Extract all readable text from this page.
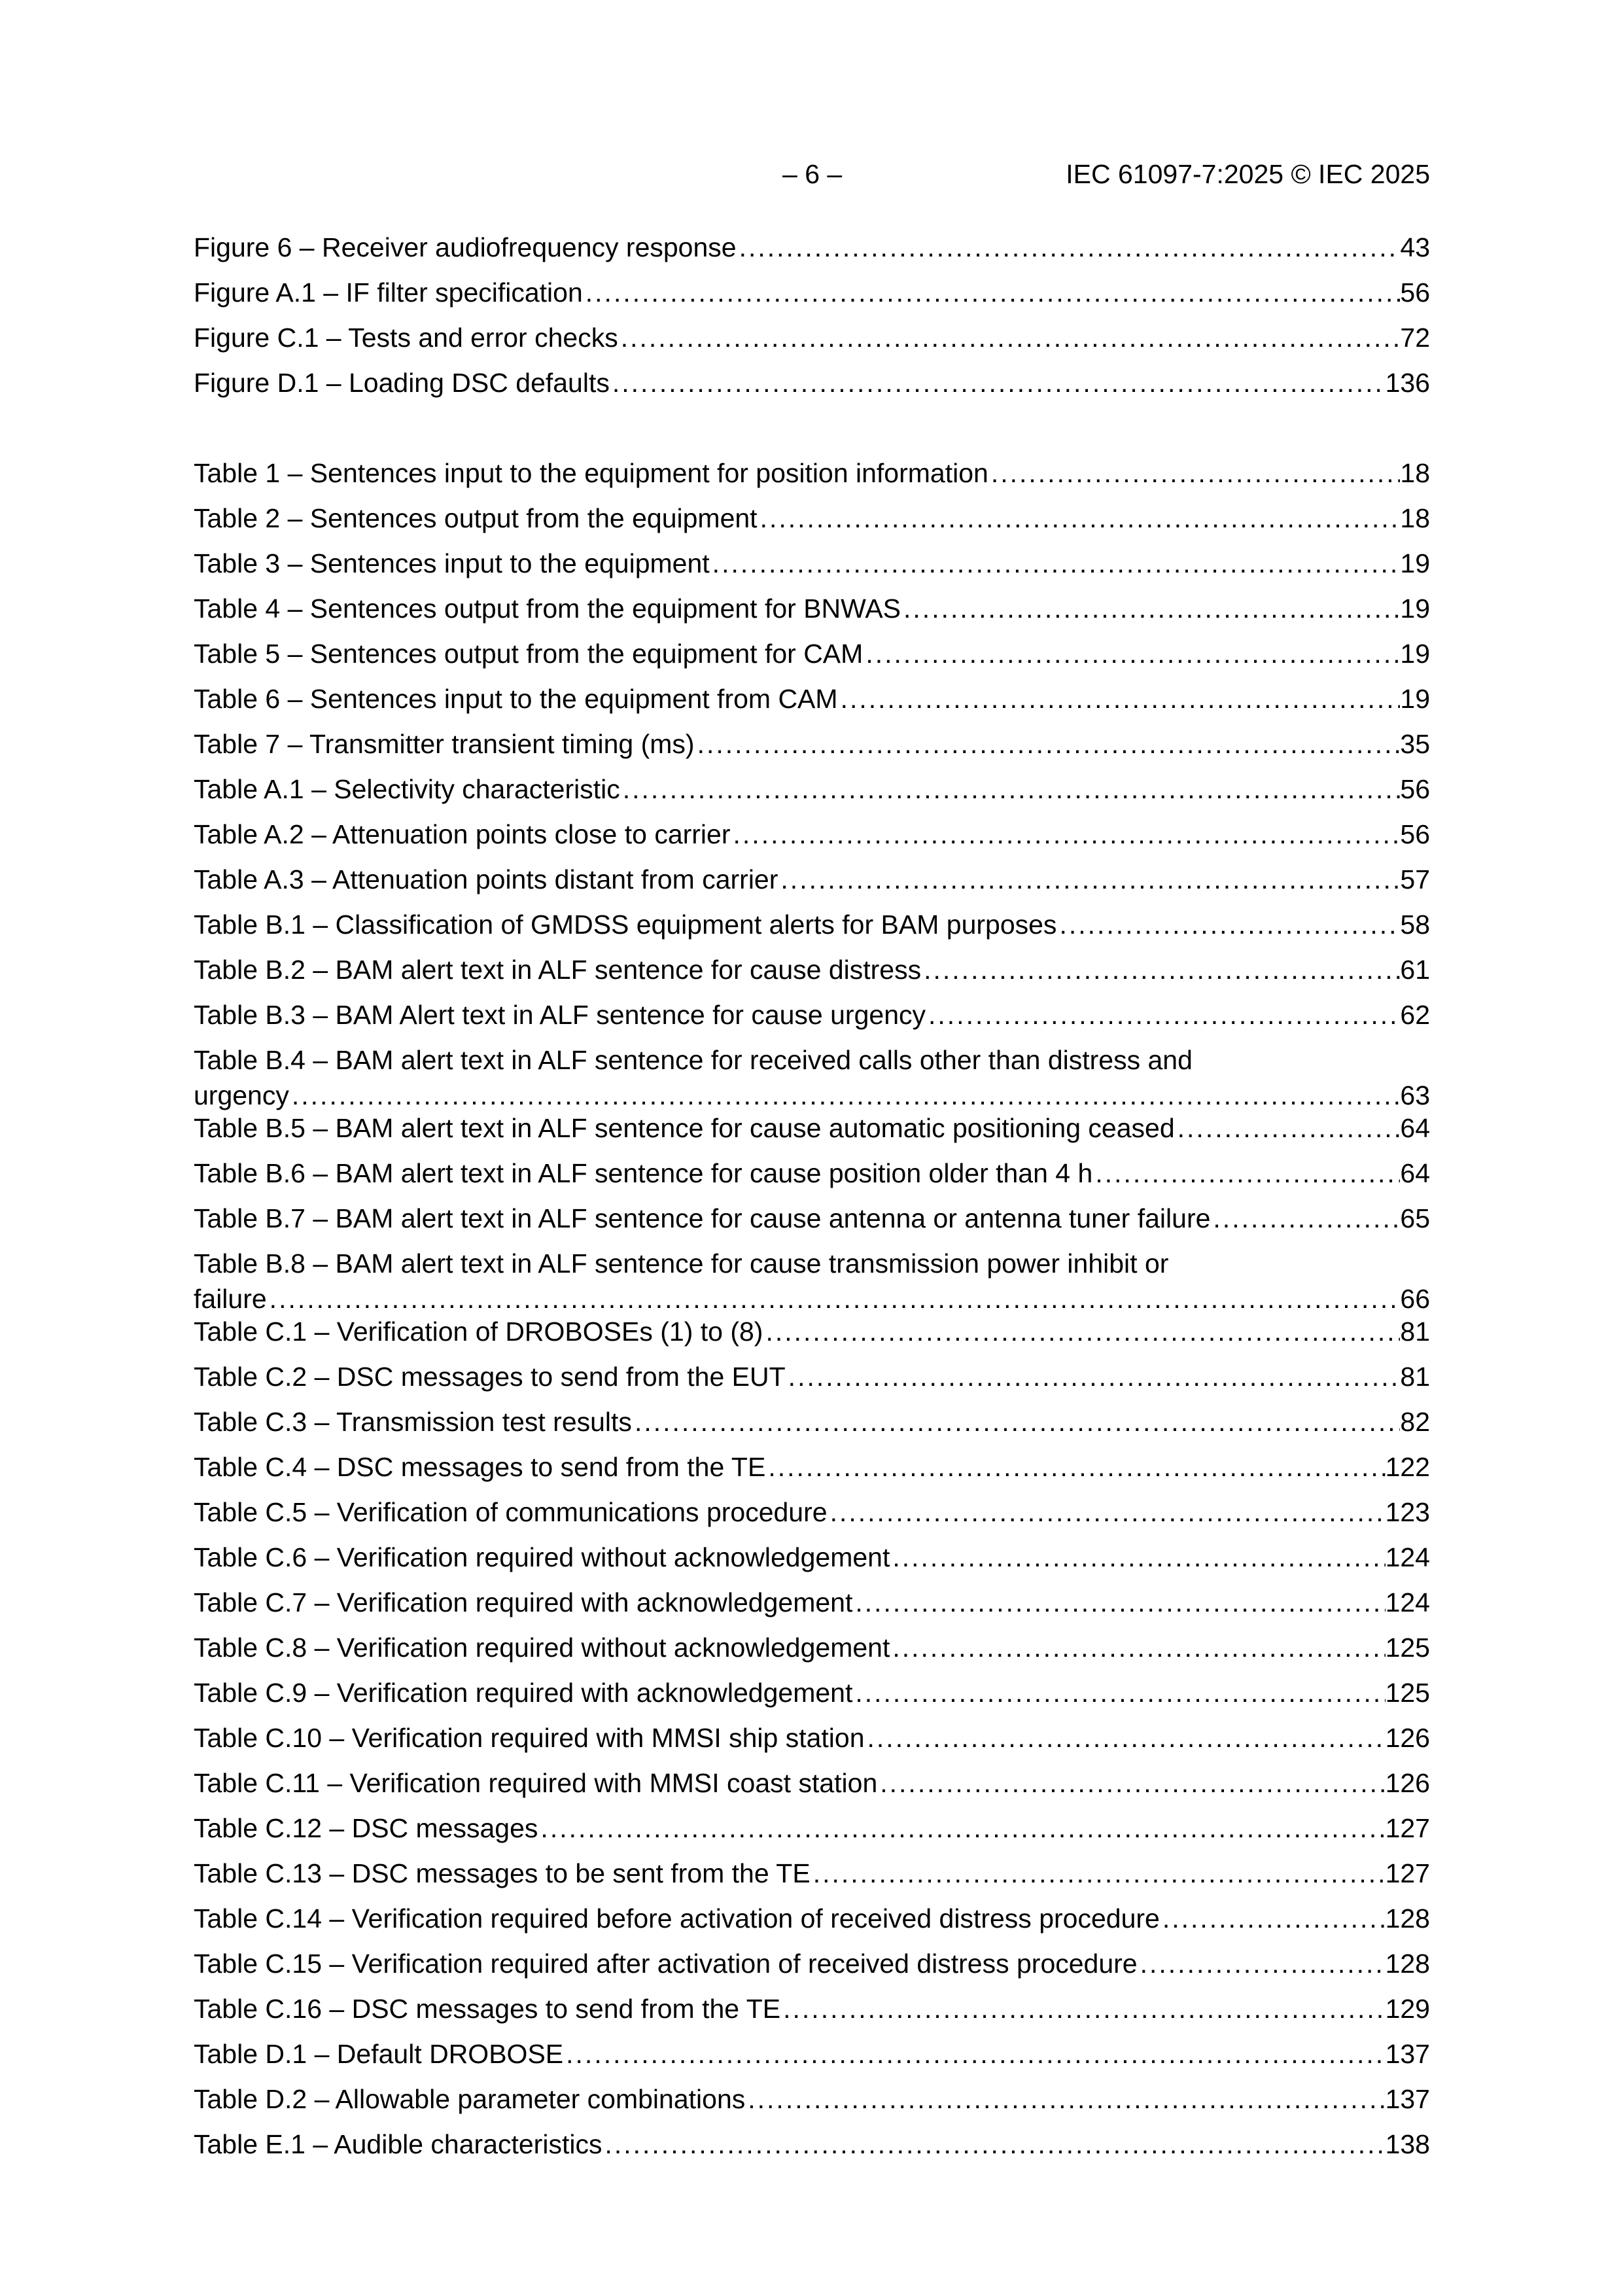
– 6 –	IEC 61097-7:2025 © IEC 2025
Figure 6 – Receiver audiofrequency response .....	43
Figure A.1 – IF filter specification .....	56
Figure C.1 – Tests and error checks .....	72
Figure D.1 – Loading DSC defaults .....	136
Table 1 – Sentences input to the equipment for position information .....	18
Table 2 – Sentences output from the equipment .....	18
Table 3 – Sentences input to the equipment .....	19
Table 4 – Sentences output from the equipment for BNWAS .....	19
Table 5 – Sentences output from the equipment for CAM .....	19
Table 6 – Sentences input to the equipment from CAM .....	19
Table 7 – Transmitter transient timing (ms) .....	35
Table A.1 – Selectivity characteristic .....	56
Table A.2 – Attenuation points close to carrier .....	56
Table A.3 – Attenuation points distant from carrier .....	57
Table B.1 – Classification of GMDSS equipment alerts for BAM purposes .....	58
Table B.2 – BAM alert text in ALF sentence for cause distress .....	61
Table B.3 – BAM Alert text in ALF sentence for cause urgency .....	62
Table B.4 – BAM alert text in ALF sentence for received calls other than distress and
urgency .....	63
Table B.5 – BAM alert text in ALF sentence for cause automatic positioning ceased .....	64
Table B.6 – BAM alert text in ALF sentence for cause position older than 4 h .....	64
Table B.7 – BAM alert text in ALF sentence for cause antenna or antenna tuner failure .....	65
Table B.8 – BAM alert text in ALF sentence for cause transmission power inhibit or
failure .....	66
Table C.1 – Verification of DROBOSEs (1) to (8) .....	81
Table C.2 – DSC messages to send from the EUT .....	81
Table C.3 – Transmission test results .....	82
Table C.4 – DSC messages to send from the TE .....	122
Table C.5 – Verification of communications procedure .....	123
Table C.6 – Verification required without acknowledgement .....	124
Table C.7 – Verification required with acknowledgement .....	124
Table C.8 – Verification required without acknowledgement .....	125
Table C.9 – Verification required with acknowledgement .....	125
Table C.10 – Verification required with MMSI ship station .....	126
Table C.11 – Verification required with MMSI coast station .....	126
Table C.12 – DSC messages .....	127
Table C.13 – DSC messages to be sent from the TE .....	127
Table C.14 – Verification required before activation of received distress procedure .....	128
Table C.15 – Verification required after activation of received distress procedure .....	128
Table C.16 – DSC messages to send from the TE .....	129
Table D.1 – Default DROBOSE .....	137
Table D.2 – Allowable parameter combinations .....	137
Table E.1 – Audible characteristics .....	138
